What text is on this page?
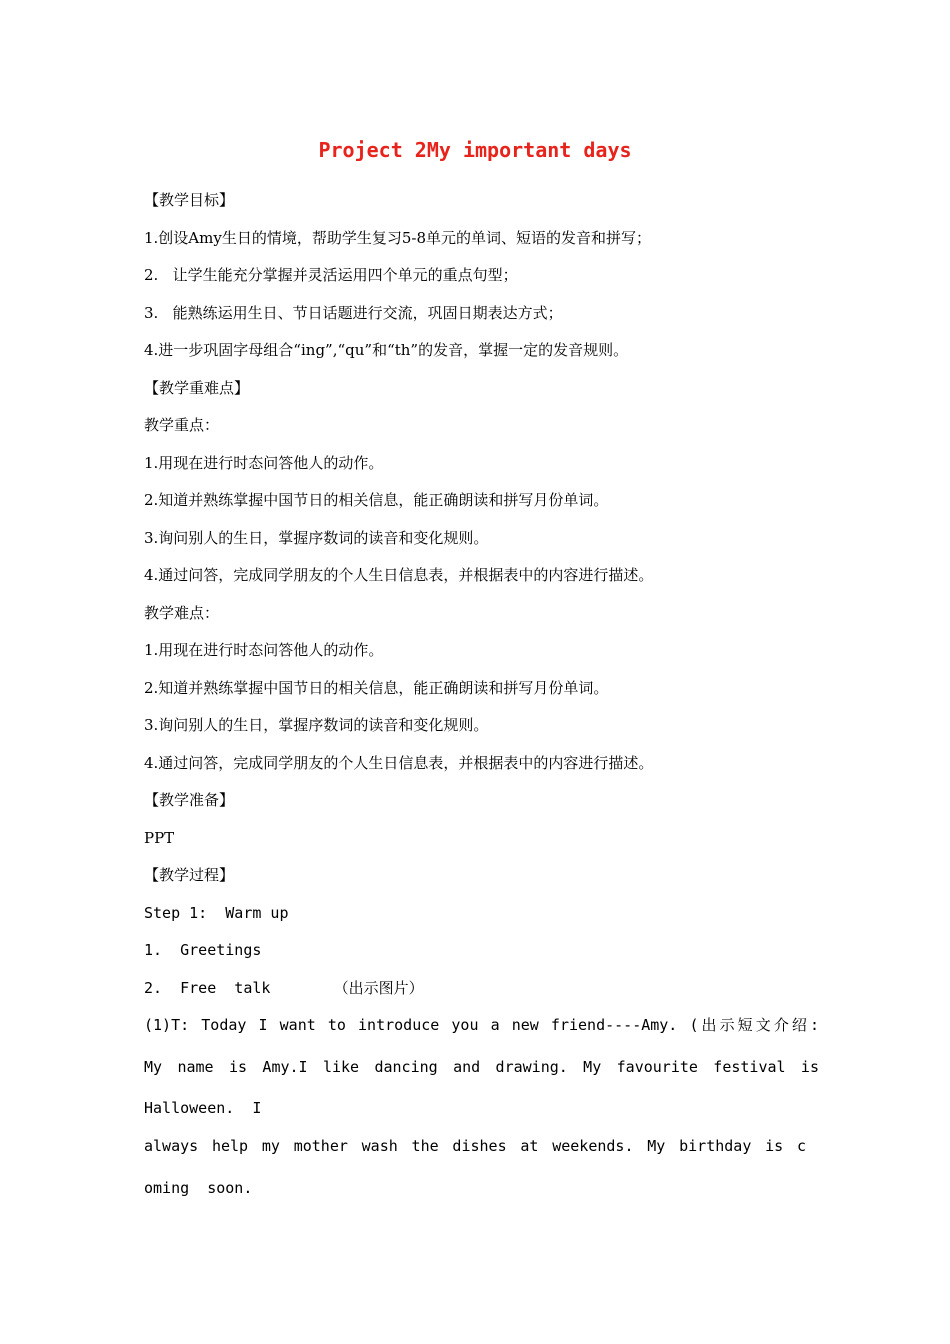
Project 2My important days
【教学目标】
1.创设Amy生日的情境，帮助学生复习5-8单元的单词、短语的发音和拼写；
2.   让学生能充分掌握并灵活运用四个单元的重点句型；
3.   能熟练运用生日、节日话题进行交流，巩固日期表达方式；
4.进一步巩固字母组合“ing”,“qu”和“th”的发音，掌握一定的发音规则。
【教学重难点】
教学重点：
1.用现在进行时态问答他人的动作。
2.知道并熟练掌握中国节日的相关信息，能正确朗读和拼写月份单词。
3.询问别人的生日，掌握序数词的读音和变化规则。
4.通过问答，完成同学朋友的个人生日信息表，并根据表中的内容进行描述。
教学难点：
1.用现在进行时态问答他人的动作。
2.知道并熟练掌握中国节日的相关信息，能正确朗读和拼写月份单词。
3.询问别人的生日，掌握序数词的读音和变化规则。
4.通过问答，完成同学朋友的个人生日信息表，并根据表中的内容进行描述。
【教学准备】
PPT
【教学过程】
Step 1:  Warm up
1.  Greetings
2.  Free  talk       （出示图片）
(1)T: Today I want to introduce you a new friend----Amy. (出示短文介绍:
My name is Amy.I like dancing and drawing. My favourite festival is
Halloween.  I
always help my mother wash the dishes at weekends. My birthday is c
oming  soon.
